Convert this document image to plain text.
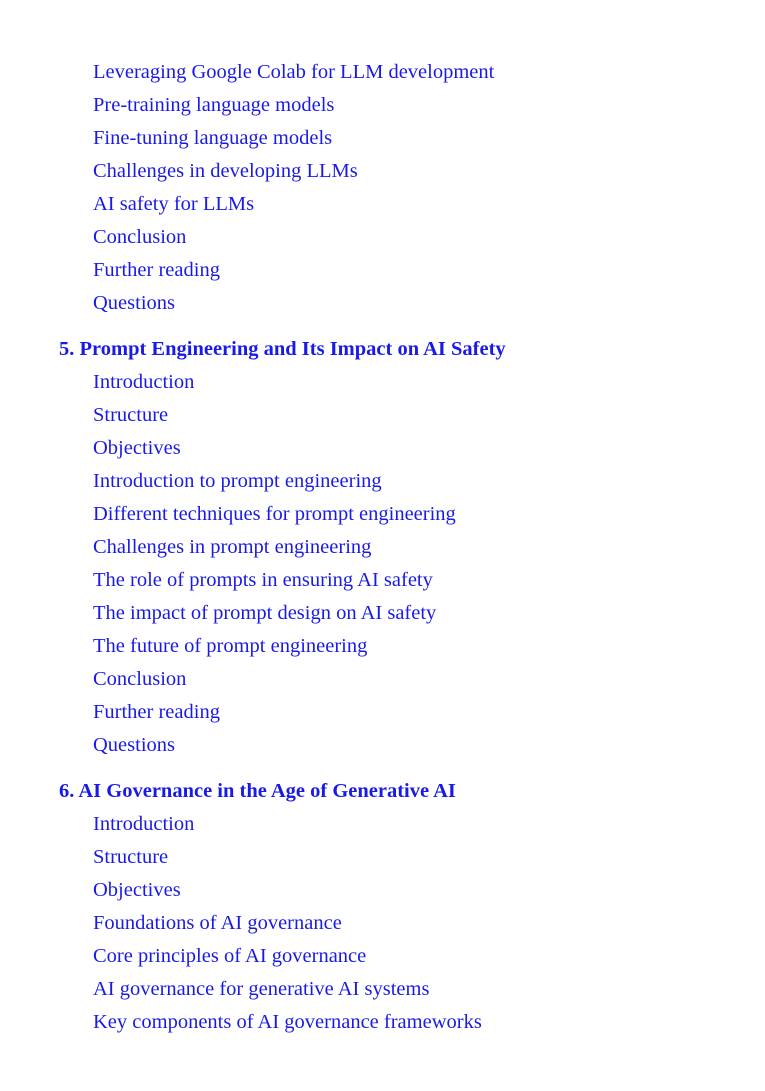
Leveraging Google Colab for LLM development
Pre-training language models
Fine-tuning language models
Challenges in developing LLMs
AI safety for LLMs
Conclusion
Further reading
Questions
5. Prompt Engineering and Its Impact on AI Safety
Introduction
Structure
Objectives
Introduction to prompt engineering
Different techniques for prompt engineering
Challenges in prompt engineering
The role of prompts in ensuring AI safety
The impact of prompt design on AI safety
The future of prompt engineering
Conclusion
Further reading
Questions
6. AI Governance in the Age of Generative AI
Introduction
Structure
Objectives
Foundations of AI governance
Core principles of AI governance
AI governance for generative AI systems
Key components of AI governance frameworks
